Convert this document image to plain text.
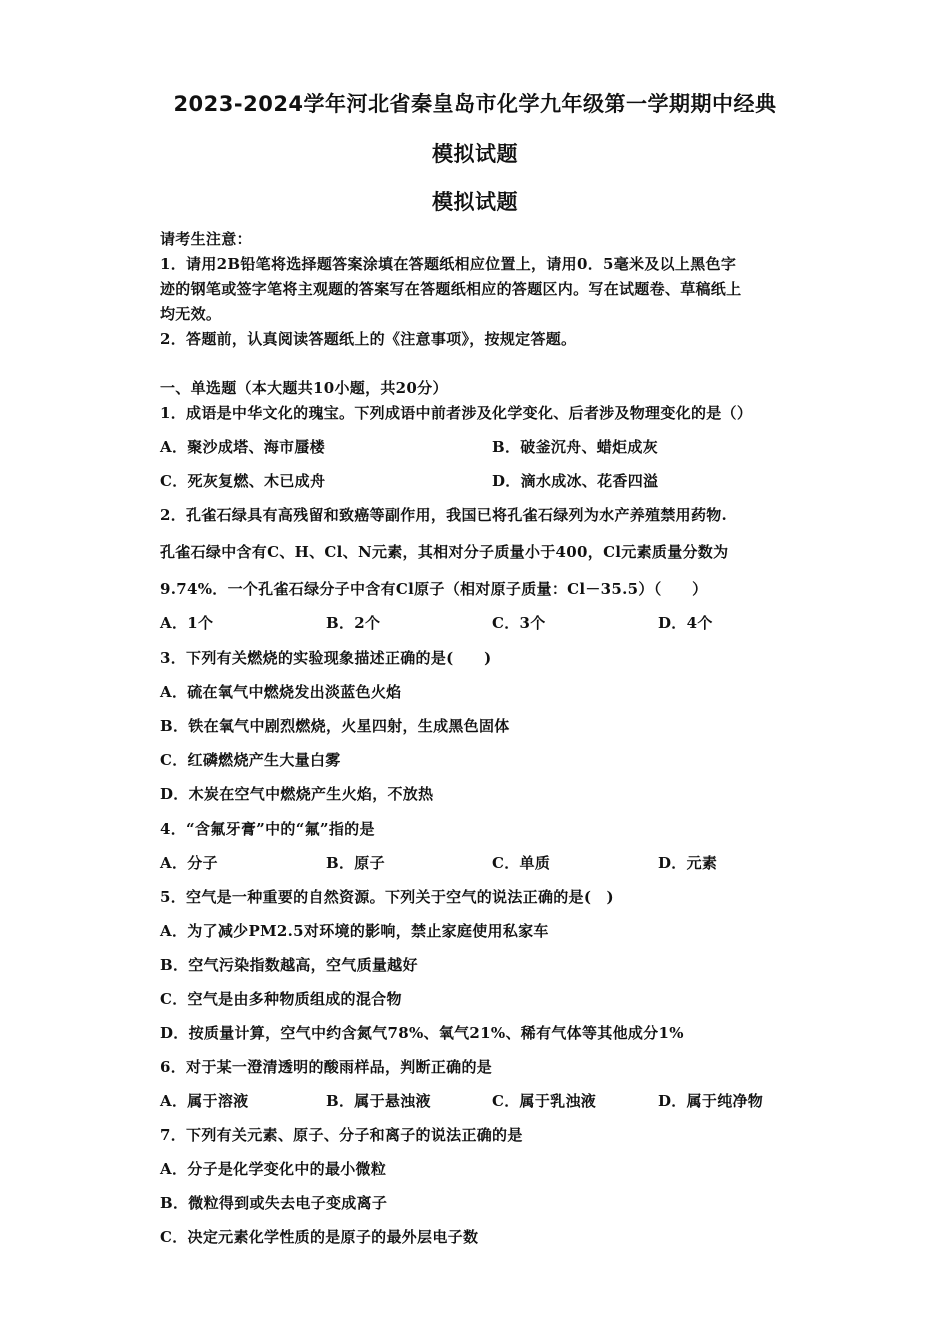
2023-2024学年河北省秦皇岛市化学九年级第一学期期中经典
模拟试题
模拟试题
请考生注意：
1．请用2B铅笔将选择题答案涂填在答题纸相应位置上，请用0．5毫米及以上黑色字
迹的钢笔或签字笔将主观题的答案写在答题纸相应的答题区内。写在试题卷、草稿纸上
均无效。
2．答题前，认真阅读答题纸上的《注意事项》，按规定答题。
一、单选题（本大题共10小题，共20分）
1．成语是中华文化的瑰宝。下列成语中前者涉及化学变化、后者涉及物理变化的是（）
A．聚沙成塔、海市蜃楼	B．破釜沉舟、蜡炬成灰
C．死灰复燃、木已成舟	D．滴水成冰、花香四溢
2．孔雀石绿具有高残留和致癌等副作用，我国已将孔雀石绿列为水产养殖禁用药物.
孔雀石绿中含有C、H、Cl、N元素，其相对分子质量小于400，Cl元素质量分数为
9.74%．一个孔雀石绿分子中含有Cl原子（相对原子质量：Cl－35.5）（　　）
A．1个	B．2个	C．3个	D．4个
3．下列有关燃烧的实验现象描述正确的是(　　)
A．硫在氧气中燃烧发出淡蓝色火焰
B．铁在氧气中剧烈燃烧，火星四射，生成黑色固体
C．红磷燃烧产生大量白雾
D．木炭在空气中燃烧产生火焰，不放热
4．“含氟牙膏”中的“氟”指的是
A．分子	B．原子	C．单质	D．元素
5．空气是一种重要的自然资源。下列关于空气的说法正确的是(　)
A．为了减少PM2.5对环境的影响，禁止家庭使用私家车
B．空气污染指数越高，空气质量越好
C．空气是由多种物质组成的混合物
D．按质量计算，空气中约含氮气78%、氧气21%、稀有气体等其他成分1%
6．对于某一澄清透明的酸雨样品，判断正确的是
A．属于溶液	B．属于悬浊液	C．属于乳浊液	D．属于纯净物
7．下列有关元素、原子、分子和离子的说法正确的是
A．分子是化学变化中的最小微粒
B．微粒得到或失去电子变成离子
C．决定元素化学性质的是原子的最外层电子数
